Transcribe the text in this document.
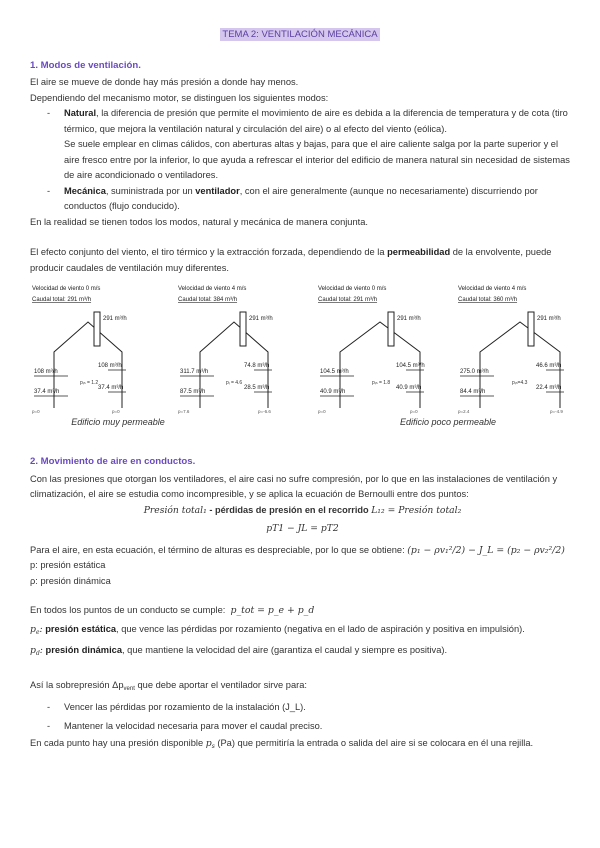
TEMA 2: VENTILACIÓN MECÁNICA

1. Modos de ventilación.

El aire se mueve de donde hay más presión a donde hay menos.

Dependiendo del mecanismo motor, se distinguen los siguientes modos:

-	Natural, la diferencia de presión que permite el movimiento de aire es debida a la diferencia de temperatura y de cota (tiro térmico, que mejora la ventilación natural y circulación del aire) o al efecto del viento (eólica).

Se suele emplear en climas cálidos, con aberturas altas y bajas, para que el aire caliente salga por la parte superior y el aire fresco entre por la inferior, lo que ayuda a refrescar el interior del edificio de manera natural sin necesidad de sistemas de aire acondicionado o ventiladores.

-	Mecánica, suministrada por un ventilador, con el aire generalmente (aunque no necesariamente) discurriendo por conductos (flujo conducido).

En la realidad se tienen todos los modos, natural y mecánica de manera conjunta.

El efecto conjunto del viento, el tiro térmico y la extracción forzada, dependiendo de la permeabilidad de la envolvente, puede producir caudales de ventilación muy diferentes.

Velocidad de viento 0 m/s
Caudal total: 291 m³/h
291 m³/h
108 m³/h
37.4 m³/h
108 m³/h
37.4 m³/h
pᵢₙ = 1.2
p=0	p=0
Velocidad de viento 4 m/s
Caudal total: 384 m³/h
291 m³/h
311.7 m³/h
87.5 m³/h
74.8 m³/h
28.5 m³/h
pᵢ = 4.6
p=7.6	p=-6.6
Velocidad de viento 0 m/s
Caudal total: 291 m³/h
291 m³/h
104.5 m³/h
40.9 m³/h
104.5 m³/h
40.9 m³/h
pᵢₙ = 1.8
p=0	p=0
Velocidad de viento 4 m/s
Caudal total: 360 m³/h
291 m³/h
275.0 m³/h
84.4 m³/h
46.6 m³/h
22.4 m³/h
pᵢₙ=4.3
p=2.4	p=-4.9
Edificio muy permeable	Edificio poco permeable

2. Movimiento de aire en conductos.

Con las presiones que otorgan los ventiladores, el aire casi no sufre compresión, por lo que en las instalaciones de ventilación y climatización, el aire se estudia como incompresible, y se aplica la ecuación de Bernoulli entre dos puntos:

Presión total₁ - pérdidas de presión en el recorrido L₁₂ = Presión total₂

pT1 − JL = pT2

Para el aire, en esta ecuación, el término de alturas es despreciable, por lo que se obtiene: (p₁ − ρv₁²/2) − J_L = (p₂ − ρv₂²/2)

p: presión estática

ρ: presión dinámica

En todos los puntos de un conducto se cumple: p_tot = p_e + p_d

$p_e$: presión estática, que vence las pérdidas por rozamiento (negativa en el lado de aspiración y positiva en impulsión).

$p_d$: presión dinámica, que mantiene la velocidad del aire (garantiza el caudal y siempre es positiva).

Así la sobrepresión $\Delta p_{vent}$ que debe aportar el ventilador sirve para:

-	Vencer las pérdidas por rozamiento de la instalación (J_L).

-	Mantener la velocidad necesaria para mover el caudal preciso.

En cada punto hay una presión disponible $p_s$ (Pa) que permitiría la entrada o salida del aire si se colocara en él una rejilla.
